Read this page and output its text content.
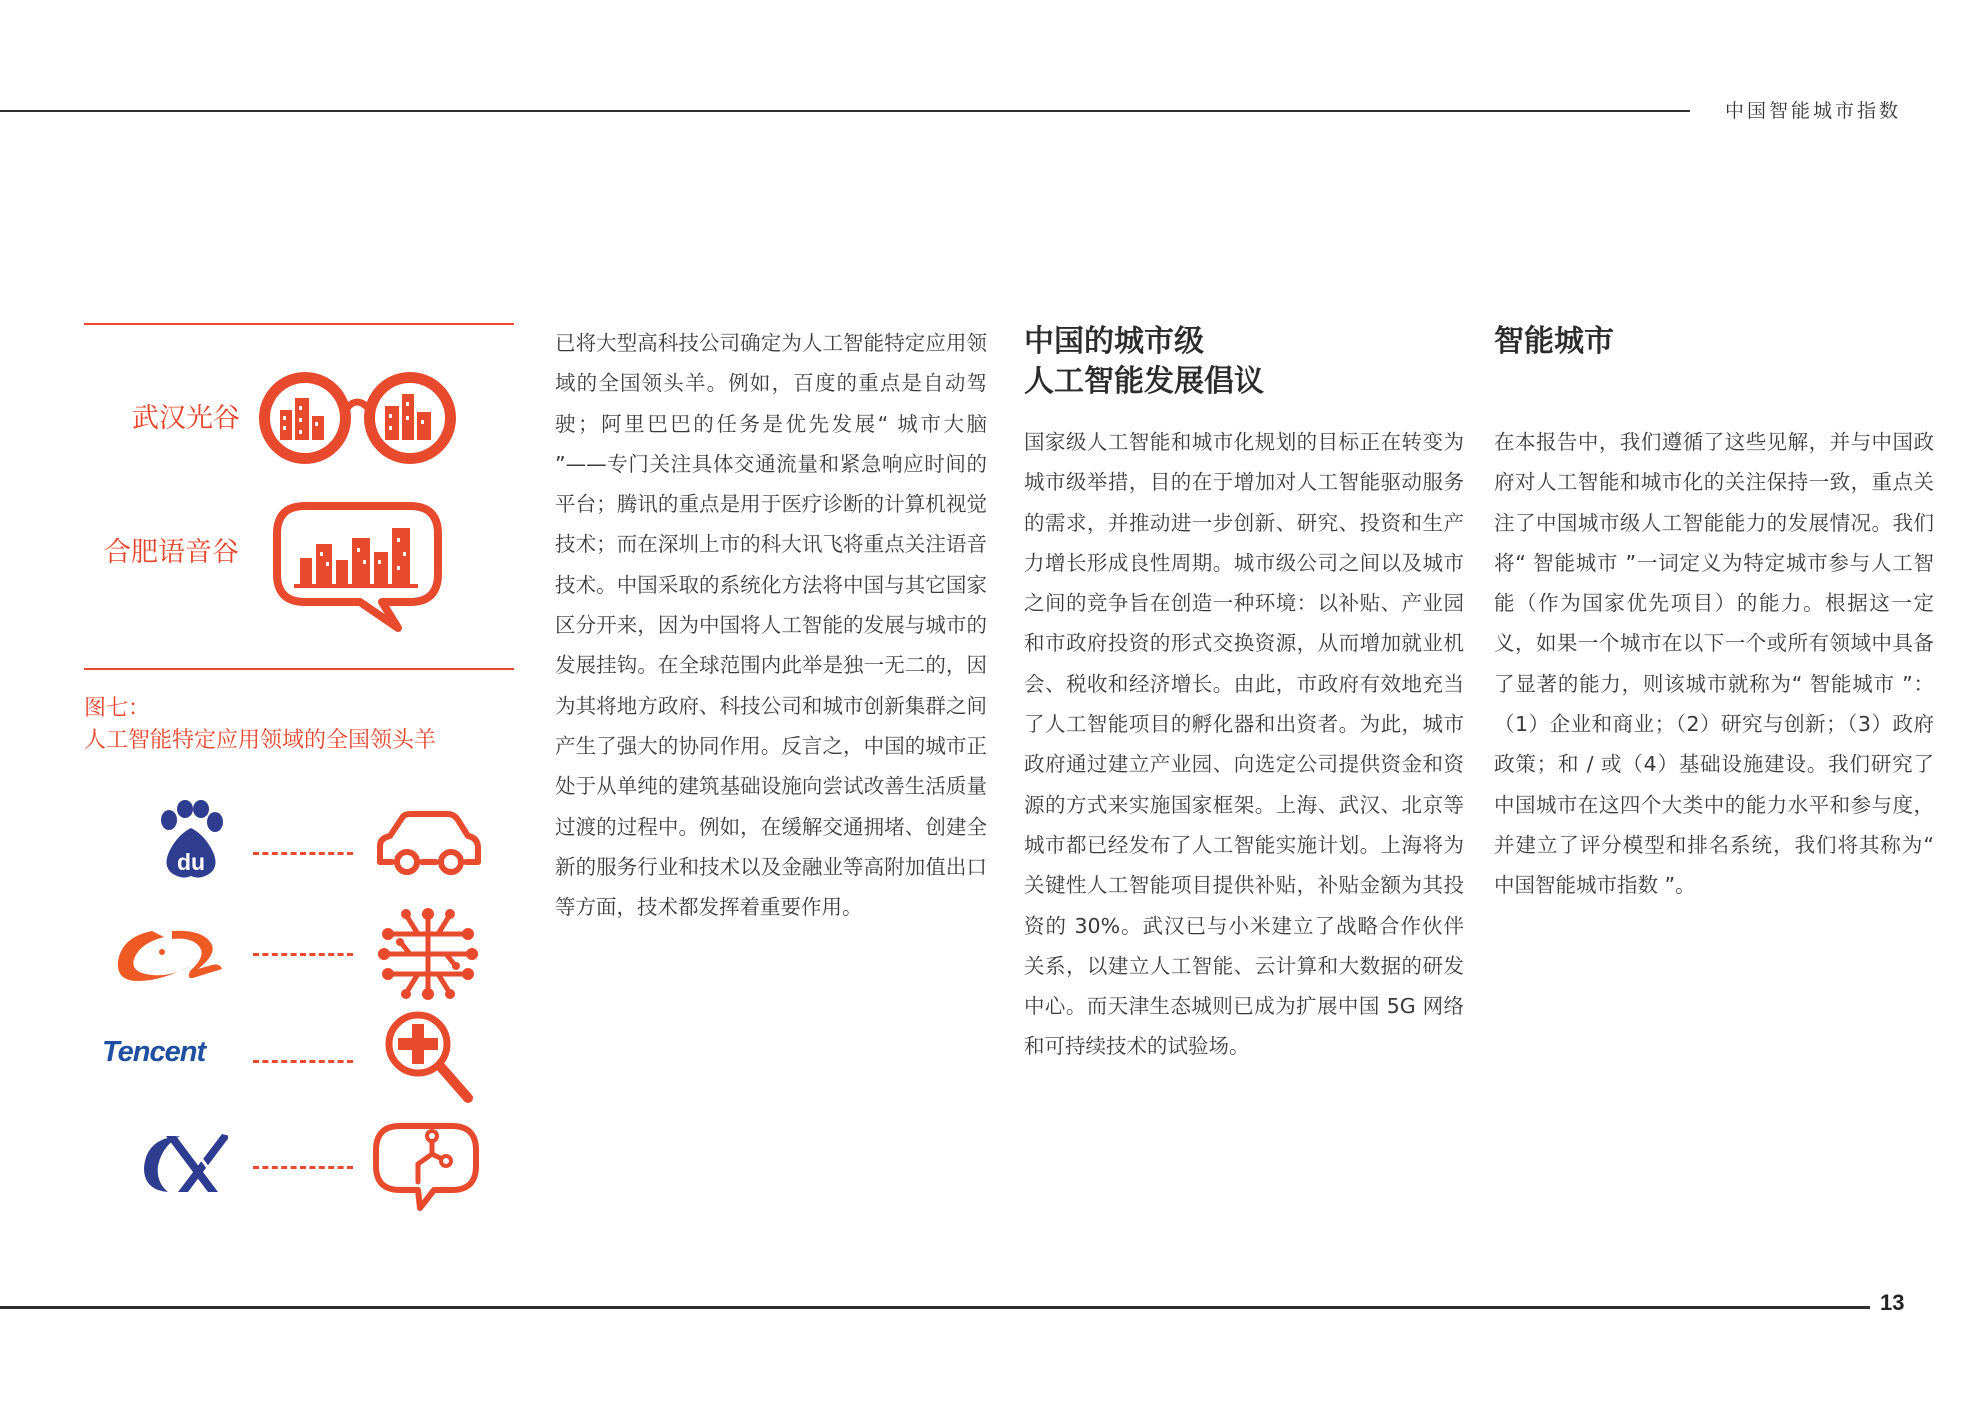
中国智能城市指数
武汉光谷
合肥语音谷
图七：
人工智能特定应用领域的全国领头羊
du
Tencent

已将大型高科技公司确定为人工智能特定应用领域的全国领头羊。例如，百度的重点是自动驾驶；阿里巴巴的任务是优先发展“ 城市大脑 ”——专门关注具体交通流量和紧急响应时间的平台；腾讯的重点是用于医疗诊断的计算机视觉技术；而在深圳上市的科大讯飞将重点关注语音技术。中国采取的系统化方法将中国与其它国家区分开来，因为中国将人工智能的发展与城市的发展挂钩。在全球范围内此举是独一无二的，因为其将地方政府、科技公司和城市创新集群之间产生了强大的协同作用。反言之，中国的城市正处于从单纯的建筑基础设施向尝试改善生活质量过渡的过程中。例如，在缓解交通拥堵、创建全新的服务行业和技术以及金融业等高附加值出口等方面，技术都发挥着重要作用。

中国的城市级

人工智能发展倡议

国家级人工智能和城市化规划的目标正在转变为城市级举措，目的在于增加对人工智能驱动服务的需求，并推动进一步创新、研究、投资和生产力增长形成良性周期。城市级公司之间以及城市之间的竞争旨在创造一种环境：以补贴、产业园和市政府投资的形式交换资源，从而增加就业机会、税收和经济增长。由此，市政府有效地充当了人工智能项目的孵化器和出资者。为此，城市政府通过建立产业园、向选定公司提供资金和资源的方式来实施国家框架。上海、武汉、北京等城市都已经发布了人工智能实施计划。上海将为关键性人工智能项目提供补贴，补贴金额为其投资的 30%。武汉已与小米建立了战略合作伙伴关系，以建立人工智能、云计算和大数据的研发中心。而天津生态城则已成为扩展中国 5G 网络和可持续技术的试验场。

智能城市

在本报告中，我们遵循了这些见解，并与中国政府对人工智能和城市化的关注保持一致，重点关注了中国城市级人工智能能力的发展情况。我们将“ 智能城市 ”一词定义为特定城市参与人工智能（作为国家优先项目）的能力。根据这一定义，如果一个城市在以下一个或所有领域中具备了显著的能力，则该城市就称为“ 智能城市 ”：（1）企业和商业；（2）研究与创新；（3）政府政策；和 / 或（4）基础设施建设。我们研究了中国城市在这四个大类中的能力水平和参与度，并建立了评分模型和排名系统，我们将其称为“ 中国智能城市指数 ”。

13
